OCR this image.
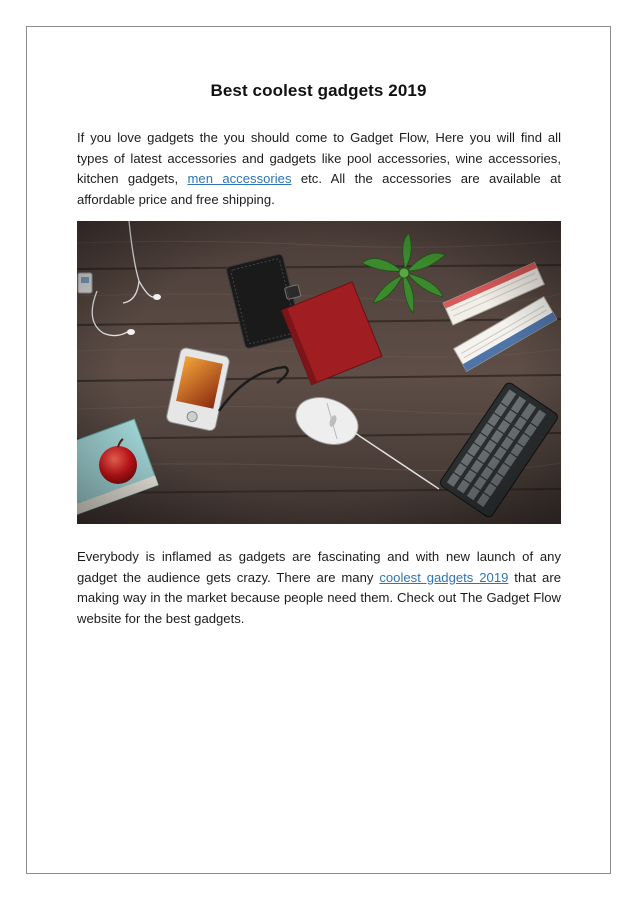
Best coolest gadgets 2019
If you love gadgets the you should come to Gadget Flow, Here you will find all types of latest accessories and gadgets like pool accessories, wine accessories, kitchen gadgets, men accessories etc. All the accessories are available at affordable price and free shipping.
Everybody is inflamed as gadgets are fascinating and with new launch of any gadget the audience gets crazy. There are many coolest gadgets 2019 that are making way in the market because people need them. Check out The Gadget Flow website for the best gadgets.
